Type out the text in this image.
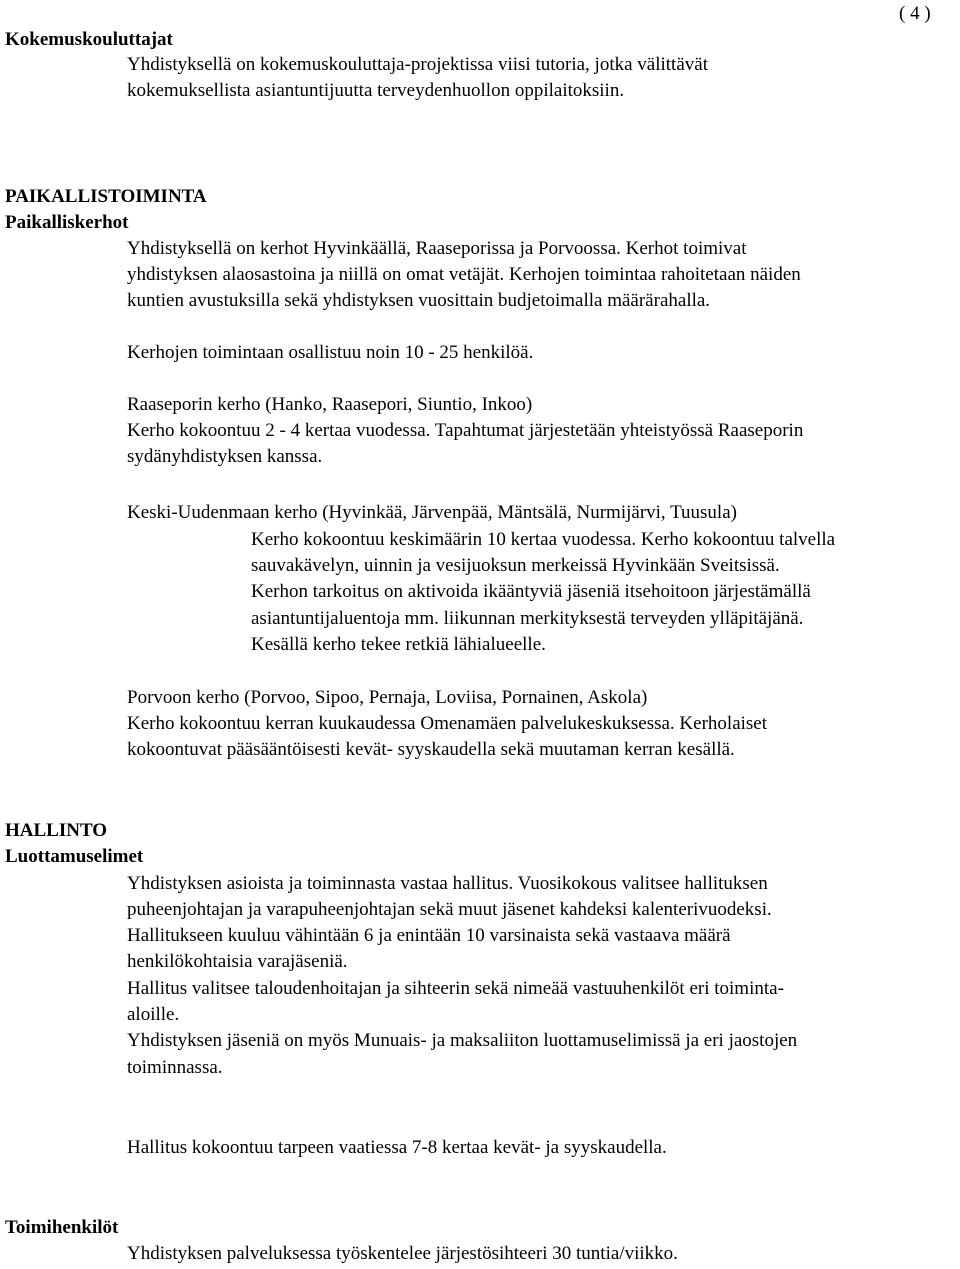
( 4 )
Kokemuskouluttajat
Yhdistyksellä on kokemuskouluttaja-projektissa viisi tutoria, jotka välittävät
kokemuksellista asiantuntijuutta terveydenhuollon oppilaitoksiin.
PAIKALLISTOIMINTA
Paikalliskerhot
Yhdistyksellä on kerhot Hyvinkäällä, Raaseporissa ja Porvoossa. Kerhot toimivat
yhdistyksen alaosastoina ja niillä on omat vetäjät. Kerhojen toimintaa rahoitetaan näiden
kuntien avustuksilla sekä yhdistyksen vuosittain budjetoimalla määrärahalla.
Kerhojen toimintaan osallistuu noin 10 - 25 henkilöä.
Raaseporin kerho (Hanko, Raasepori, Siuntio, Inkoo)
Kerho kokoontuu 2 - 4 kertaa vuodessa. Tapahtumat järjestetään yhteistyössä Raaseporin
sydänyhdistyksen kanssa.
Keski-Uudenmaan kerho (Hyvinkää, Järvenpää, Mäntsälä, Nurmijärvi, Tuusula)
Kerho kokoontuu keskimäärin 10 kertaa vuodessa. Kerho kokoontuu talvella
sauvakävelyn, uinnin ja vesijuoksun merkeissä Hyvinkään Sveitsissä.
Kerhon tarkoitus on aktivoida ikääntyviä jäseniä itsehoitoon järjestämällä
asiantuntijaluentoja mm. liikunnan merkityksestä terveyden ylläpitäjänä.
Kesällä kerho tekee retkiä lähialueelle.
Porvoon kerho (Porvoo, Sipoo, Pernaja, Loviisa, Pornainen, Askola)
Kerho kokoontuu kerran kuukaudessa Omenamäen palvelukeskuksessa. Kerholaiset
kokoontuvat pääsääntöisesti kevät- syyskaudella sekä muutaman kerran kesällä.
HALLINTO
Luottamuselimet
Yhdistyksen asioista ja toiminnasta vastaa hallitus. Vuosikokous valitsee hallituksen
puheenjohtajan ja varapuheenjohtajan sekä muut jäsenet kahdeksi kalenterivuodeksi.
Hallitukseen kuuluu vähintään 6 ja enintään 10 varsinaista sekä vastaava määrä
henkilökohtaisia varajäseniä.
Hallitus valitsee taloudenhoitajan ja sihteerin sekä nimeää vastuuhenkilöt eri toiminta-
aloille.
Yhdistyksen jäseniä on myös Munuais- ja maksaliiton luottamuselimissä ja eri jaostojen
toiminnassa.
Hallitus kokoontuu tarpeen vaatiessa 7-8 kertaa kevät- ja syyskaudella.
Toimihenkilöt
Yhdistyksen palveluksessa työskentelee järjestösihteeri 30 tuntia/viikko.
